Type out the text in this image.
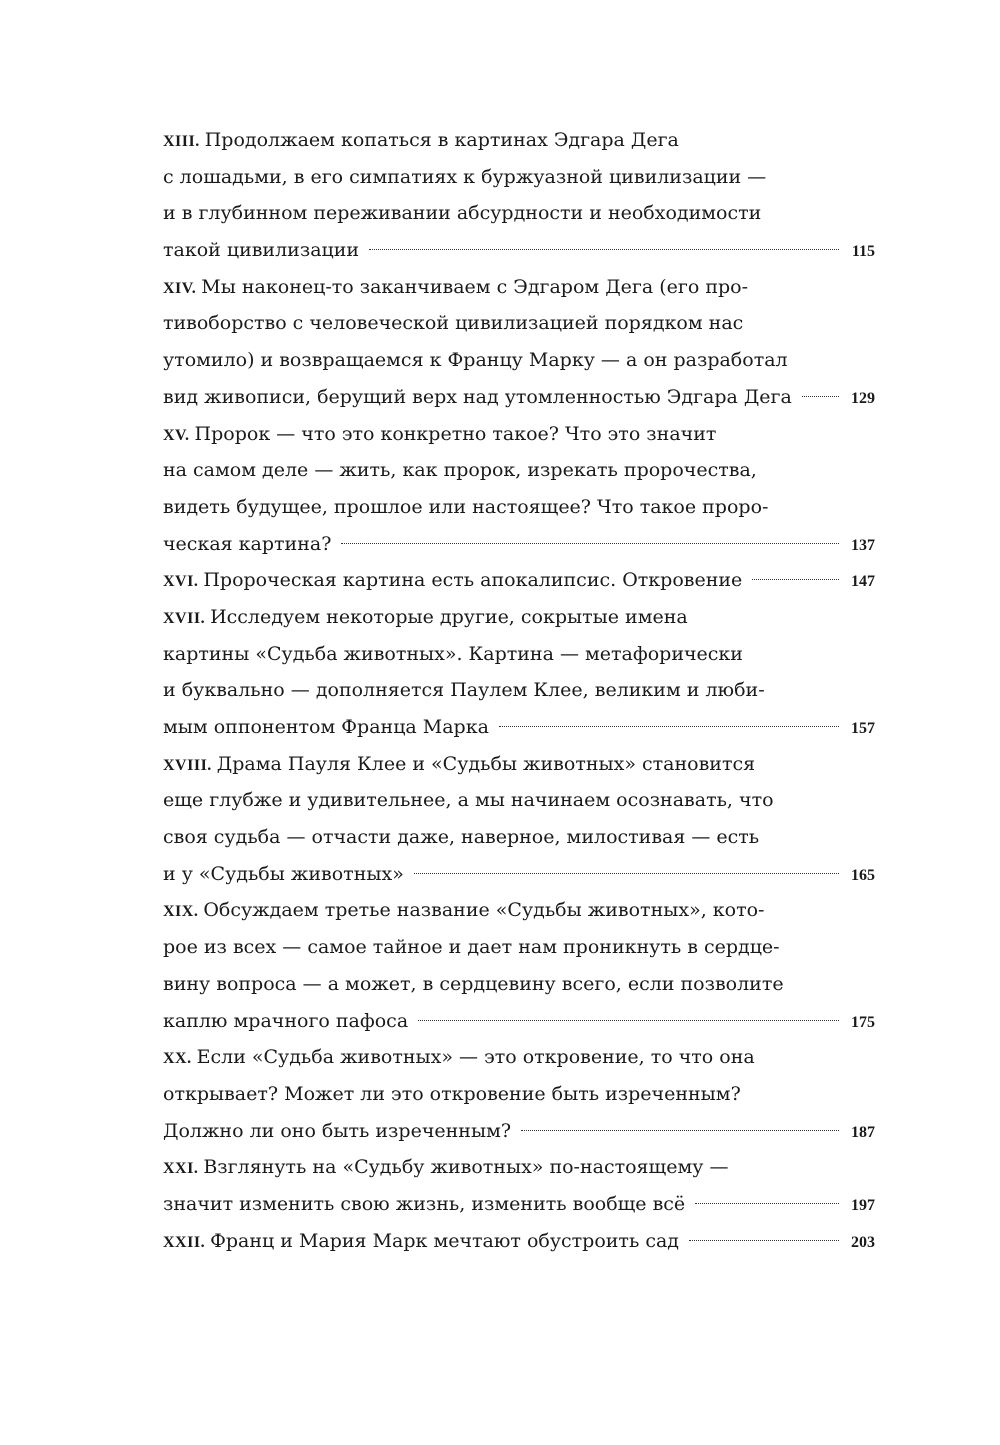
XIII. Продолжаем копаться в картинах Эдгара Дега
с лошадьми, в его симпатиях к буржуазной цивилизации —
и в глубинном переживании абсурдности и необходимости
такой цивилизации	115
XIV. Мы наконец-то заканчиваем с Эдгаром Дега (его про-
тивоборство с человеческой цивилизацией порядком нас
утомило) и возвращаемся к Францу Марку — а он разработал
вид живописи, берущий верх над утомленностью Эдгара Дега	129
XV. Пророк — что это конкретно такое? Что это значит
на самом деле — жить, как пророк, изрекать пророчества,
видеть будущее, прошлое или настоящее? Что такое проро-
ческая картина?	137
XVI. Пророческая картина есть апокалипсис. Откровение	147
XVII. Исследуем некоторые другие, сокрытые имена
картины «Судьба животных». Картина — метафорически
и буквально — дополняется Паулем Клее, великим и люби-
мым оппонентом Франца Марка	157
XVIII. Драма Пауля Клее и «Судьбы животных» становится
еще глубже и удивительнее, а мы начинаем осознавать, что
своя судьба — отчасти даже, наверное, милостивая — есть
и у «Судьбы животных»	165
XIX. Обсуждаем третье название «Судьбы животных», кото-
рое из всех — самое тайное и дает нам проникнуть в сердце-
вину вопроса — а может, в сердцевину всего, если позволите
каплю мрачного пафоса	175
XX. Если «Судьба животных» — это откровение, то что она
открывает? Может ли это откровение быть изреченным?
Должно ли оно быть изреченным?	187
XXI. Взглянуть на «Судьбу животных» по-настоящему —
значит изменить свою жизнь, изменить вообще всё	197
XXII. Франц и Мария Марк мечтают обустроить сад	203
